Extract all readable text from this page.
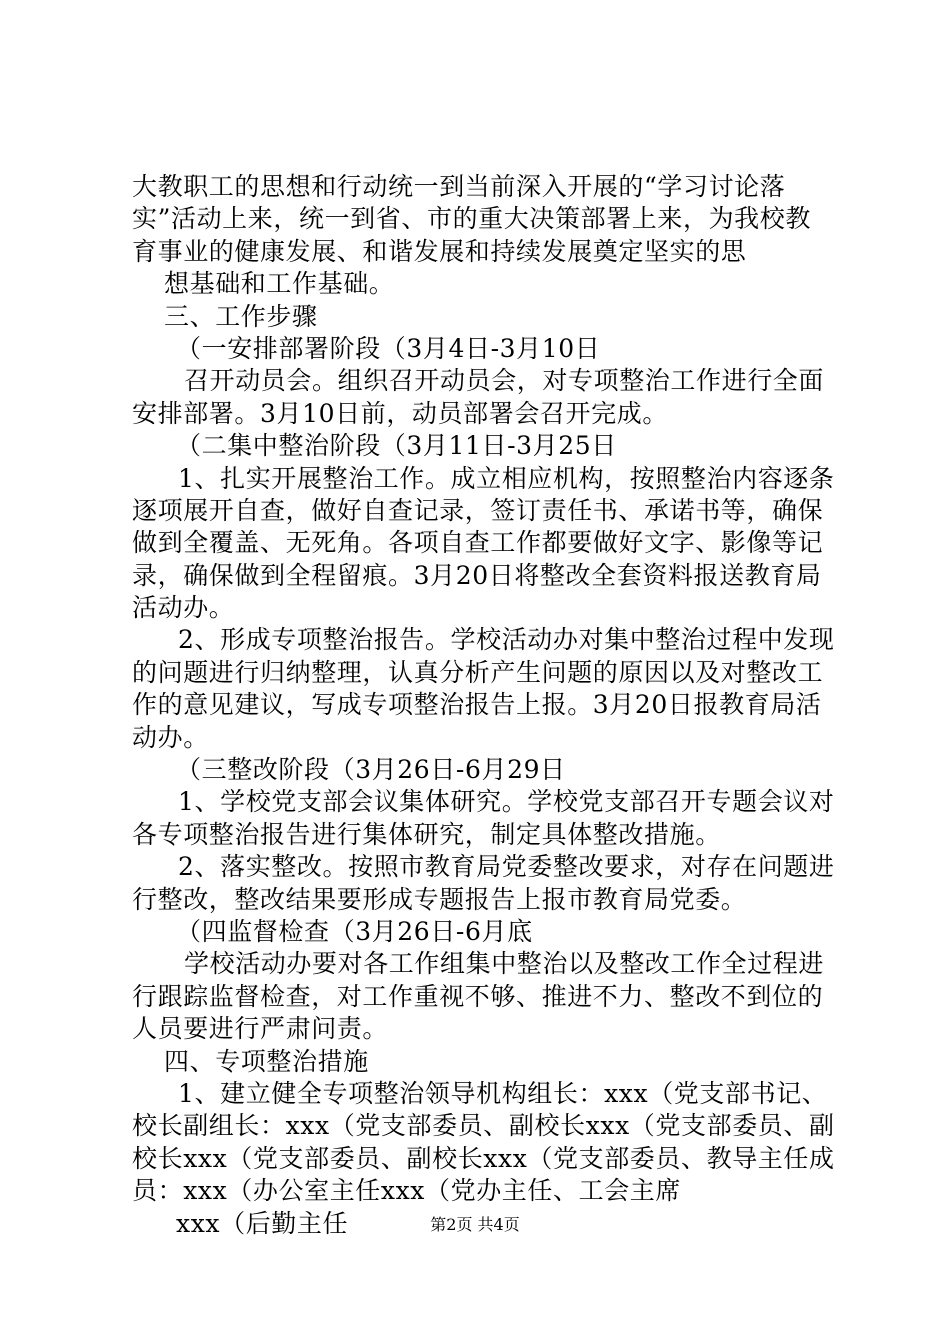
大教职工的思想和行动统一到当前深入开展的“学习讨论落
实”活动上来，统一到省、市的重大决策部署上来，为我校教
育事业的健康发展、和谐发展和持续发展奠定坚实的思
想基础和工作基础。
三、工作步骤
（一安排部署阶段（3月4日-3月10日
召开动员会。组织召开动员会，对专项整治工作进行全面
安排部署。3月10日前，动员部署会召开完成。
（二集中整治阶段（3月11日-3月25日
1、扎实开展整治工作。成立相应机构，按照整治内容逐条
逐项展开自查，做好自查记录，签订责任书、承诺书等，确保
做到全覆盖、无死角。各项自查工作都要做好文字、影像等记
录，确保做到全程留痕。3月20日将整改全套资料报送教育局
活动办。
2、形成专项整治报告。学校活动办对集中整治过程中发现
的问题进行归纳整理，认真分析产生问题的原因以及对整改工
作的意见建议，写成专项整治报告上报。3月20日报教育局活
动办。
（三整改阶段（3月26日-6月29日
1、学校党支部会议集体研究。学校党支部召开专题会议对
各专项整治报告进行集体研究，制定具体整改措施。
2、落实整改。按照市教育局党委整改要求，对存在问题进
行整改，整改结果要形成专题报告上报市教育局党委。
（四监督检查（3月26日-6月底
学校活动办要对各工作组集中整治以及整改工作全过程进
行跟踪监督检查，对工作重视不够、推进不力、整改不到位的
人员要进行严肃问责。
四、专项整治措施
1、建立健全专项整治领导机构组长：xxx（党支部书记、
校长副组长：xxx（党支部委员、副校长xxx（党支部委员、副
校长xxx（党支部委员、副校长xxx（党支部委员、教导主任成
员：xxx（办公室主任xxx（党办主任、工会主席
xxx（后勤主任	第2页 共4页
